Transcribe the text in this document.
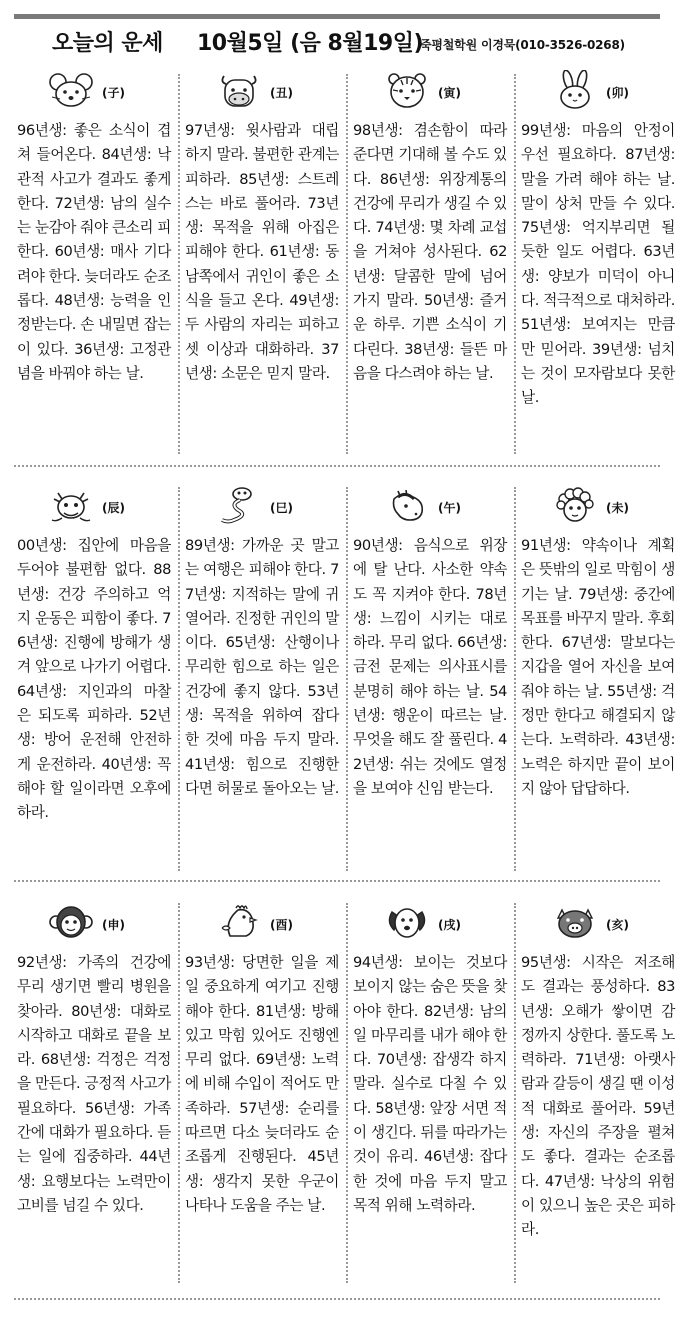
오늘의 운세 10월5일 (음 8월19일)
죽평철학원 이경묵(010-3526-0268)
(子)
96년생: 좋은 소식이 겹쳐 들어온다. 84년생: 낙관적 사고가 결과도 좋게 한다. 72년생: 남의 실수는 눈감아 줘야 큰소리 피한다. 60년생: 매사 기다려야 한다. 늦더라도 순조롭다. 48년생: 능력을 인정받는다. 손 내밀면 잡는 이 있다. 36년생: 고정관념을 바꿔야 하는 날.
(丑)
97년생: 윗사람과 대립하지 말라. 불편한 관계는 피하라. 85년생: 스트레스는 바로 풀어라. 73년생: 목적을 위해 아집은 피해야 한다. 61년생: 동남쪽에서 귀인이 좋은 소식을 들고 온다. 49년생: 두 사람의 자리는 피하고 셋 이상과 대화하라. 37년생: 소문은 믿지 말라.
(寅)
98년생: 겸손함이 따라준다면 기대해 볼 수도 있다. 86년생: 위장계통의 건강에 무리가 생길 수 있다. 74년생: 몇 차례 교섭을 거쳐야 성사된다. 62년생: 달콤한 말에 넘어가지 말라. 50년생: 즐거운 하루. 기쁜 소식이 기다린다. 38년생: 들뜬 마음을 다스려야 하는 날.
(卯)
99년생: 마음의 안정이 우선 필요하다. 87년생: 말을 가려 해야 하는 날. 말이 상처 만들 수 있다. 75년생: 억지부리면 될듯한 일도 어렵다. 63년생: 양보가 미덕이 아니다. 적극적으로 대처하라. 51년생: 보여지는 만큼만 믿어라. 39년생: 넘치는 것이 모자람보다 못한 날.
(辰)
00년생: 집안에 마음을 두어야 불편함 없다. 88년생: 건강 주의하고 억지 운동은 피함이 좋다. 76년생: 진행에 방해가 생겨 앞으로 나가기 어렵다. 64년생: 지인과의 마찰은 되도록 피하라. 52년생: 방어 운전해 안전하게 운전하라. 40년생: 꼭 해야 할 일이라면 오후에 하라.
(巳)
89년생: 가까운 곳 말고는 여행은 피해야 한다. 77년생: 지적하는 말에 귀 열어라. 진정한 귀인의 말이다. 65년생: 산행이나 무리한 힘으로 하는 일은 건강에 좋지 않다. 53년생: 목적을 위하여 잡다한 것에 마음 두지 말라. 41년생: 힘으로 진행한다면 허물로 돌아오는 날.
(午)
90년생: 음식으로 위장에 탈 난다. 사소한 약속도 꼭 지켜야 한다. 78년생: 느낌이 시키는 대로 하라. 무리 없다. 66년생: 금전 문제는 의사표시를 분명히 해야 하는 날. 54년생: 행운이 따르는 날. 무엇을 해도 잘 풀린다. 42년생: 쉬는 것에도 열정을 보여야 신임 받는다.
(未)
91년생: 약속이나 계획은 뜻밖의 일로 막힘이 생기는 날. 79년생: 중간에 목표를 바꾸지 말라. 후회한다. 67년생: 말보다는 지갑을 열어 자신을 보여줘야 하는 날. 55년생: 걱정만 한다고 해결되지 않는다. 노력하라. 43년생: 노력은 하지만 끝이 보이지 않아 답답하다.
(申)
92년생: 가족의 건강에 무리 생기면 빨리 병원을 찾아라. 80년생: 대화로 시작하고 대화로 끝을 보라. 68년생: 걱정은 걱정을 만든다. 긍정적 사고가 필요하다. 56년생: 가족간에 대화가 필요하다. 듣는 일에 집중하라. 44년생: 요행보다는 노력만이 고비를 넘길 수 있다.
(酉)
93년생: 당면한 일을 제일 중요하게 여기고 진행해야 한다. 81년생: 방해 있고 막힘 있어도 진행엔 무리 없다. 69년생: 노력에 비해 수입이 적어도 만족하라. 57년생: 순리를 따르면 다소 늦더라도 순조롭게 진행된다. 45년생: 생각지 못한 우군이 나타나 도움을 주는 날.
(戌)
94년생: 보이는 것보다 보이지 않는 숨은 뜻을 찾아야 한다. 82년생: 남의 일 마무리를 내가 해야 한다. 70년생: 잡생각 하지 말라. 실수로 다칠 수 있다. 58년생: 앞장 서면 적이 생긴다. 뒤를 따라가는 것이 유리. 46년생: 잡다한 것에 마음 두지 말고 목적 위해 노력하라.
(亥)
95년생: 시작은 저조해도 결과는 풍성하다. 83년생: 오해가 쌓이면 감정까지 상한다. 풀도록 노력하라. 71년생: 아랫사람과 갈등이 생길 땐 이성적 대화로 풀어라. 59년생: 자신의 주장을 펼쳐도 좋다. 결과는 순조롭다. 47년생: 낙상의 위험이 있으니 높은 곳은 피하라.
